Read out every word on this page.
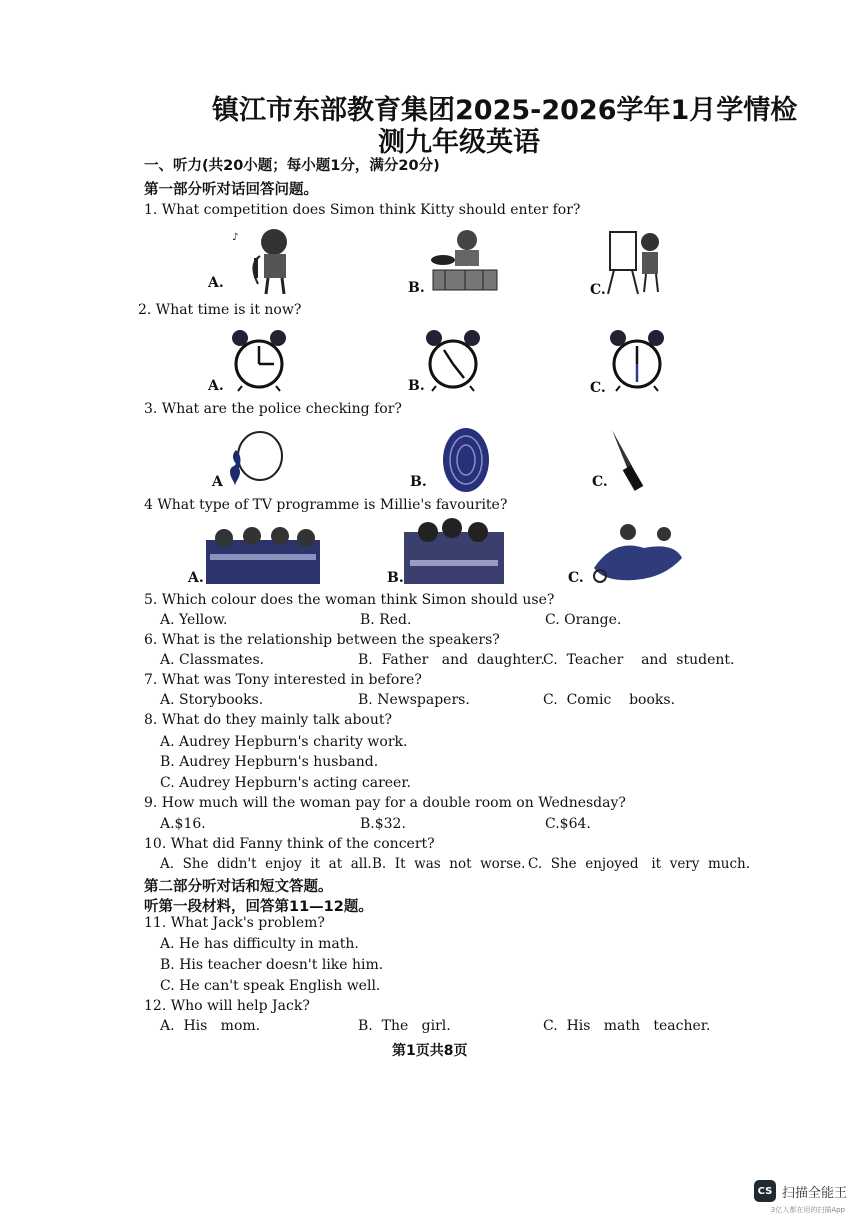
镇江市东部教育集团2025-2026学年1月学情检
测九年级英语
一、听力(共20小题；每小题1分，满分20分)
第一部分听对话回答问题。
1. What competition does Simon think Kitty should enter for?
A.	B.	C.
♪
2. What time is it now?
A.	B.	C.
3. What are the police checking for?
A	B.	C.
4 What type of TV programme is Millie's favourite?
A.	B.	C.
5. Which colour does the woman think Simon should use?
A. Yellow.	B. Red.	C. Orange.
6. What is the relationship between the speakers?
A. Classmates.	B.  Father   and  daughter.
C.  Teacher    and  student.
7. What was Tony interested in before?
A. Storybooks.	B. Newspapers.	C.  Comic    books.
8. What do they mainly talk about?
A. Audrey Hepburn's charity work.
B. Audrey Hepburn's husband.
C. Audrey Hepburn's acting career.
9. How much will the woman pay for a double room on Wednesday?
A.$16.	B.$32.	C.$64.
10. What did Fanny think of the concert?
A.  She  didn't  enjoy  it  at  all. B.  It  was  not  worse. C.  She  enjoyed   it  very  much.
第二部分听对话和短文答题。
听第一段材料，回答第11—12题。
11. What Jack's problem?
A. He has difficulty in math.
B. His teacher doesn't like him.
C. He can't speak English well.
12. Who will help Jack?
A.  His   mom.	B.  The   girl.	C.  His   math   teacher.
第1页共8页
CS 扫描全能王
3亿人都在用的扫描App
